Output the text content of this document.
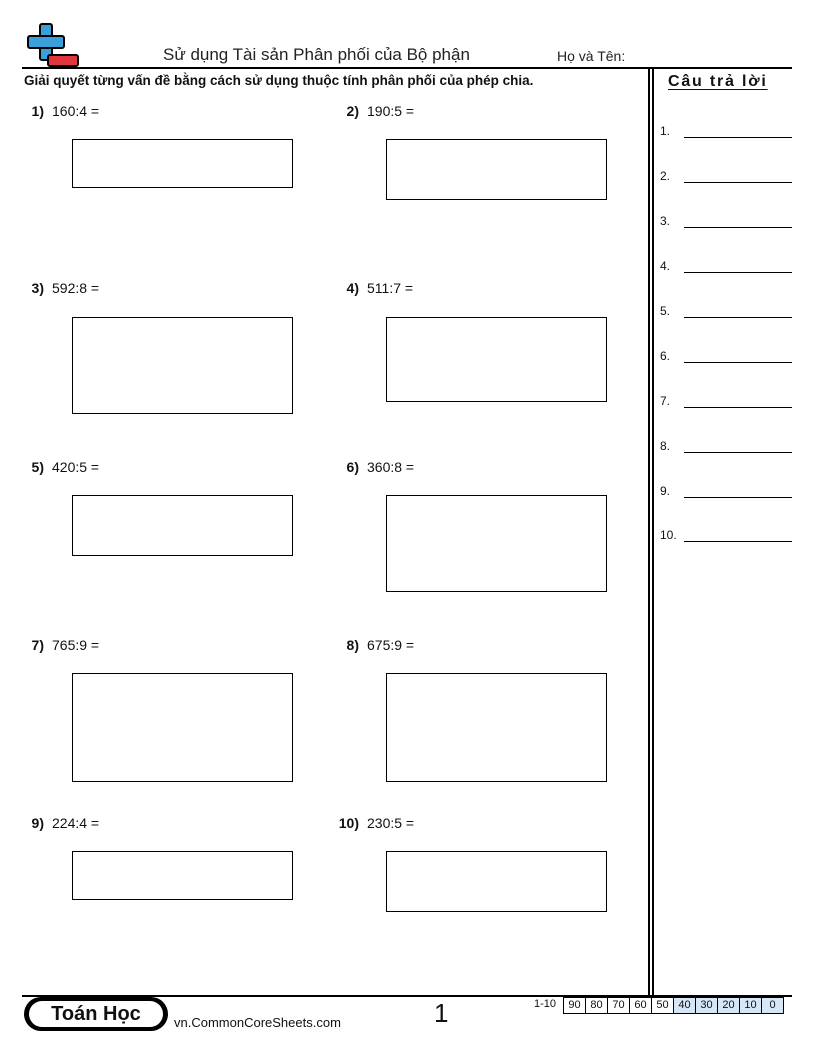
Sử dụng Tài sản Phân phối của Bộ phận	Họ và Tên:
Giải quyết từng vấn đề bằng cách sử dụng thuộc tính phân phối của phép chia.
1) 160:4 =
3) 592:8 =
5) 420:5 =
7) 765:9 =
9) 224:4 =
2) 190:5 =
4) 511:7 =
6) 360:8 =
8) 675:9 =
10) 230:5 =
Câu trả lời
1.
2.
3.
4.
5.
6.
7.
8.
9.
10.
Toán Học	vn.CommonCoreSheets.com	1	1-10 90	80	70	60	50	40	30	20	10	0
